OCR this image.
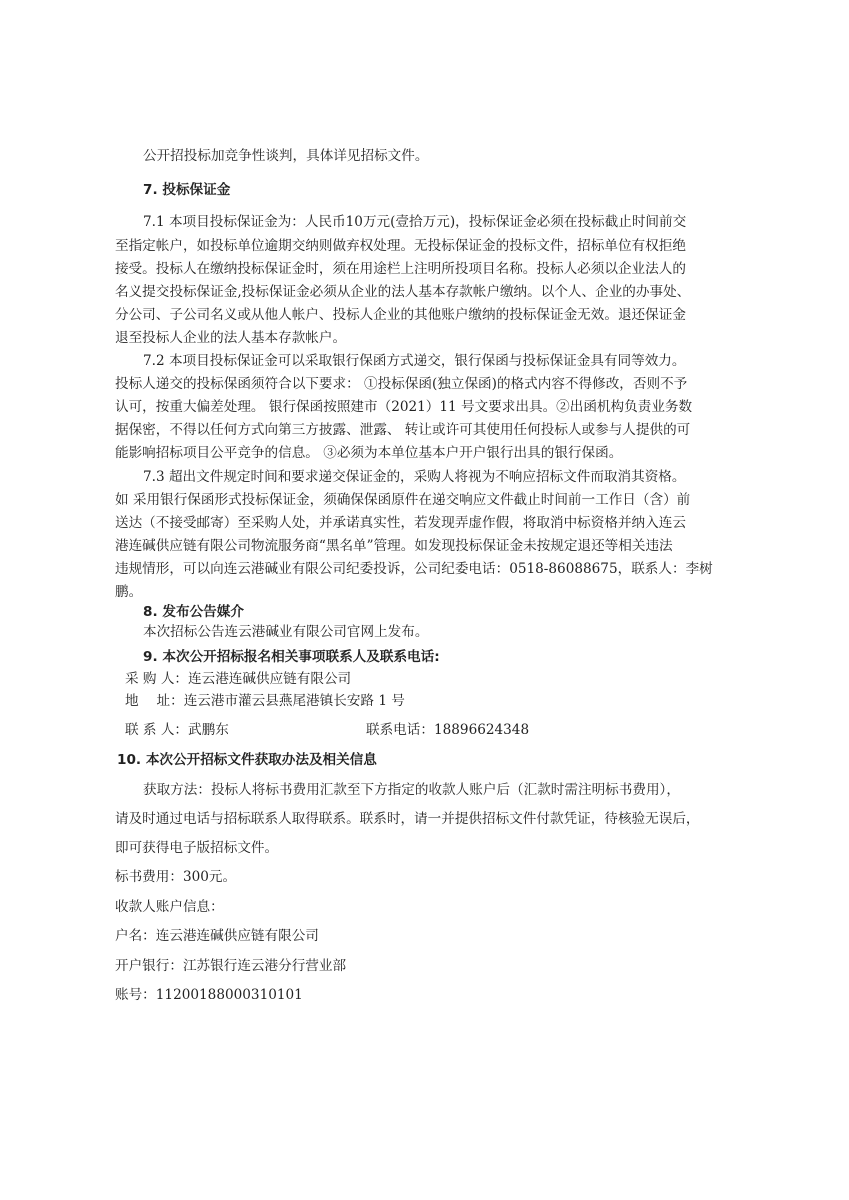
公开招投标加竞争性谈判，具体详见招标文件。
7. 投标保证金
7.1 本项目投标保证金为：人民币10万元(壹拾万元)，投标保证金必须在投标截止时间前交
至指定帐户，如投标单位逾期交纳则做弃权处理。无投标保证金的投标文件，招标单位有权拒绝
接受。投标人在缴纳投标保证金时，须在用途栏上注明所投项目名称。投标人必须以企业法人的
名义提交投标保证金,投标保证金必须从企业的法人基本存款帐户缴纳。以个人、企业的办事处、
分公司、子公司名义或从他人帐户、投标人企业的其他账户缴纳的投标保证金无效。退还保证金
退至投标人企业的法人基本存款帐户。
7.2 本项目投标保证金可以采取银行保函方式递交，银行保函与投标保证金具有同等效力。
投标人递交的投标保函须符合以下要求： ①投标保函(独立保函)的格式内容不得修改，否则不予
认可，按重大偏差处理。 银行保函按照建市（2021）11 号文要求出具。②出函机构负责业务数
据保密，不得以任何方式向第三方披露、泄露、 转让或许可其使用任何投标人或参与人提供的可
能影响招标项目公平竞争的信息。 ③必须为本单位基本户开户银行出具的银行保函。
7.3 超出文件规定时间和要求递交保证金的，采购人将视为不响应招标文件而取消其资格。
如 采用银行保函形式投标保证金，须确保保函原件在递交响应文件截止时间前一工作日（含）前
送达（不接受邮寄）至采购人处，并承诺真实性，若发现弄虚作假，将取消中标资格并纳入连云
港连碱供应链有限公司物流服务商“黑名单”管理。如发现投标保证金未按规定退还等相关违法
违规情形，可以向连云港碱业有限公司纪委投诉，公司纪委电话：0518-86088675，联系人：李树
鹏。
8. 发布公告媒介
本次招标公告连云港碱业有限公司官网上发布。
9. 本次公开招标报名相关事项联系人及联系电话:
采 购 人：连云港连碱供应链有限公司
地　 址：连云港市灌云县燕尾港镇长安路 1 号
联 系 人：武鹏东	联系电话：18896624348
10. 本次公开招标文件获取办法及相关信息
获取方法：投标人将标书费用汇款至下方指定的收款人账户后（汇款时需注明标书费用），
请及时通过电话与招标联系人取得联系。联系时，请一并提供招标文件付款凭证，待核验无误后，
即可获得电子版招标文件。
标书费用：300元。
收款人账户信息：
户名：连云港连碱供应链有限公司
开户银行：江苏银行连云港分行营业部
账号：11200188000310101
